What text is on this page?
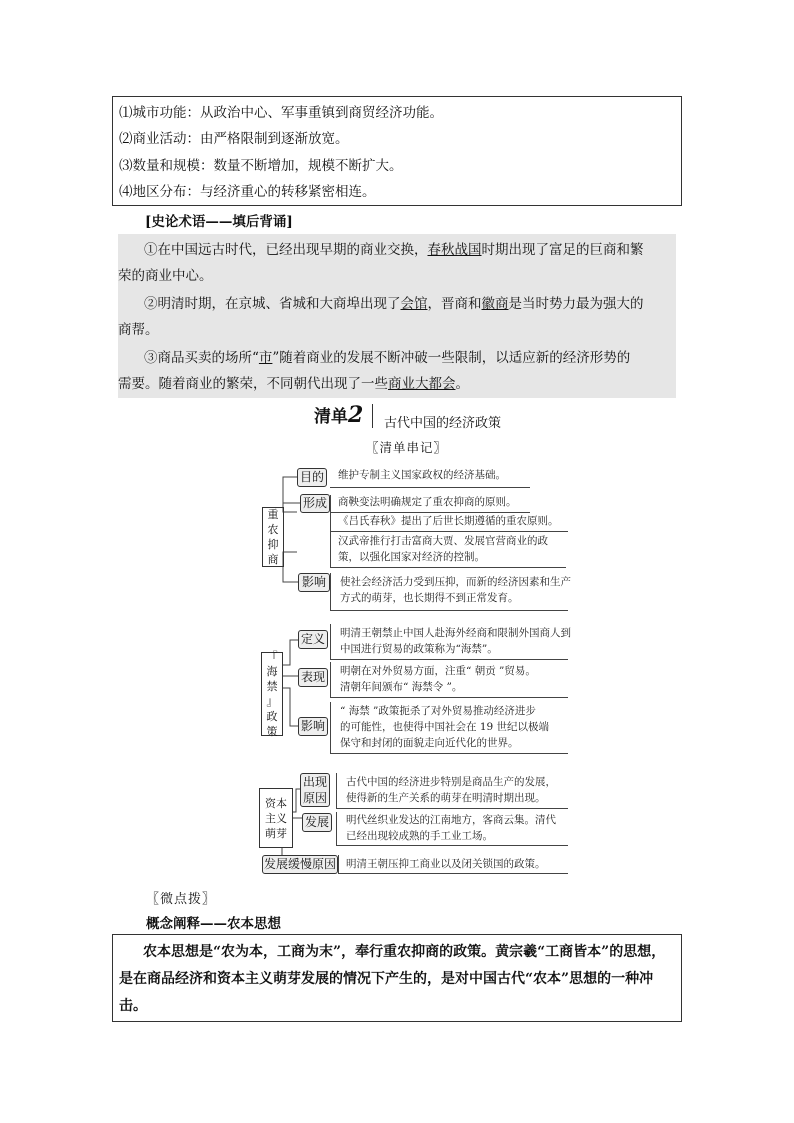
⑴城市功能：从政治中心、军事重镇到商贸经济功能。
⑵商业活动：由严格限制到逐渐放宽。
⑶数量和规模：数量不断增加，规模不断扩大。
⑷地区分布：与经济重心的转移紧密相连。
[史论术语——填后背诵]
①在中国远古时代，已经出现早期的商业交换，春秋战国时期出现了富足的巨商和繁
荣的商业中心。
②明清时期，在京城、省城和大商埠出现了会馆，晋商和徽商是当时势力最为强大的
商帮。
③商品买卖的场所“市”随着商业的发展不断冲破一些限制，以适应新的经济形势的
需要。随着商业的繁荣，不同朝代出现了一些商业大都会。
清单2 古代中国的经济政策
〖清单串记〗
重
农
抑
商
目的 维护专制主义国家政权的经济基础。
形成 商鞅变法明确规定了重农抑商的原则。
《吕氏春秋》提出了后世长期遵循的重农原则。
汉武帝推行打击富商大贾、发展官营商业的政
策，以强化国家对经济的控制。
影响	使社会经济活力受到压抑，而新的经济因素和生产
方式的萌芽，也长期得不到正常发育。
『
海
禁
』
政
策
定义 明清王朝禁止中国人赴海外经商和限制外国商人到
中国进行贸易的政策称为“海禁”。
表现 明朝在对外贸易方面，注重“ 朝贡 ”贸易。
清朝年间颁布“ 海禁令 ”。
影响
“ 海禁 ”政策扼杀了对外贸易推动经济进步
的可能性，也使得中国社会在 19 世纪以极端
保守和封闭的面貌走向近代化的世界。
资本
主义
萌芽
出现
原因
古代中国的经济进步特别是商品生产的发展，
使得新的生产关系的萌芽在明清时期出现。
发展 明代丝织业发达的江南地方，客商云集。清代
已经出现较成熟的手工业工场。
发展缓慢原因 明清王朝压抑工商业以及闭关锁国的政策。
〖微点拨〗
概念阐释——农本思想
农本思想是“农为本，工商为末”，奉行重农抑商的政策。黄宗羲“工商皆本”的思想，
是在商品经济和资本主义萌芽发展的情况下产生的，是对中国古代“农本”思想的一种冲
击。
